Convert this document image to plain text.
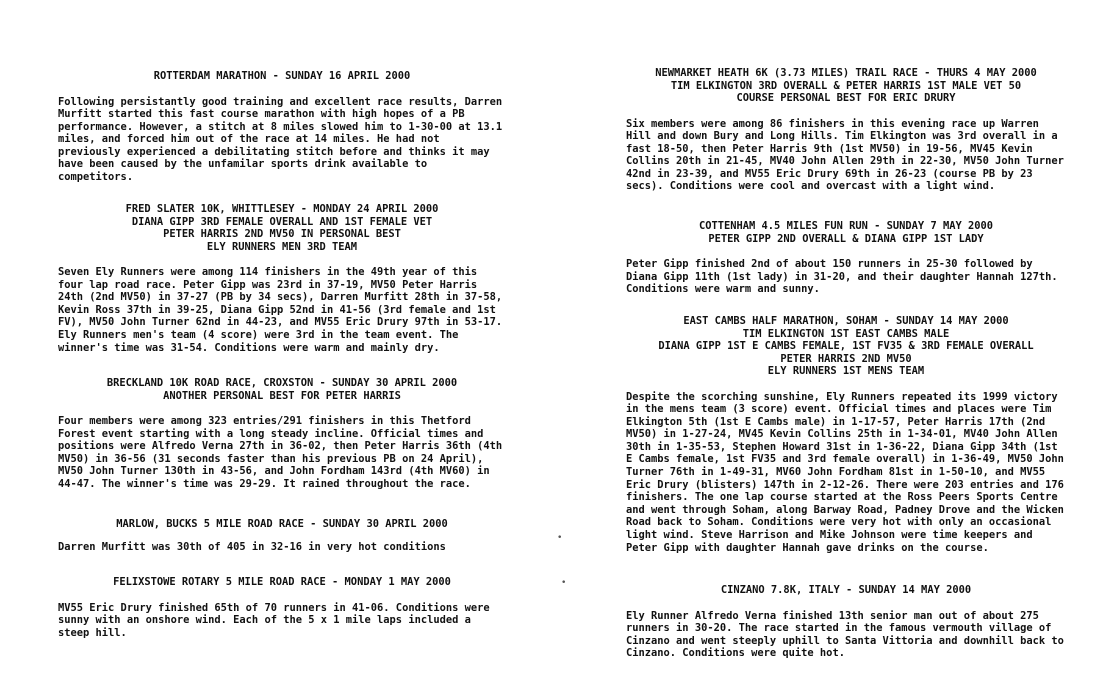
ROTTERDAM MARATHON - SUNDAY 16 APRIL 2000
Following persistantly good training and excellent race results, Darren Murfitt started this fast course marathon with high hopes of a PB performance. However, a stitch at 8 miles slowed him to 1-30-00 at 13.1 miles, and forced him out of the race at 14 miles. He had not previously experienced a debilitating stitch before and thinks it may have been caused by the unfamilar sports drink available to competitors.
FRED SLATER 10K, WHITTLESEY - MONDAY 24 APRIL 2000
DIANA GIPP 3RD FEMALE OVERALL AND 1ST FEMALE VET
PETER HARRIS 2ND MV50 IN PERSONAL BEST
ELY RUNNERS MEN 3RD TEAM
Seven Ely Runners were among 114 finishers in the 49th year of this four lap road race. Peter Gipp was 23rd in 37-19, MV50 Peter Harris 24th (2nd MV50) in 37-27 (PB by 34 secs), Darren Murfitt 28th in 37-58, Kevin Ross 37th in 39-25, Diana Gipp 52nd in 41-56 (3rd female and 1st FV), MV50 John Turner 62nd in 44-23, and MV55 Eric Drury 97th in 53-17. Ely Runners men's team (4 score) were 3rd in the team event. The winner's time was 31-54. Conditions were warm and mainly dry.
BRECKLAND 10K ROAD RACE, CROXSTON - SUNDAY 30 APRIL 2000
ANOTHER PERSONAL BEST FOR PETER HARRIS
Four members were among 323 entries/291 finishers in this Thetford Forest event starting with a long steady incline. Official times and positions were Alfredo Verna 27th in 36-02, then Peter Harris 36th (4th MV50) in 36-56 (31 seconds faster than his previous PB on 24 April), MV50 John Turner 130th in 43-56, and John Fordham 143rd (4th MV60) in 44-47. The winner's time was 29-29. It rained throughout the race.
MARLOW, BUCKS 5 MILE ROAD RACE - SUNDAY 30 APRIL 2000
Darren Murfitt was 30th of 405 in 32-16 in very hot conditions
FELIXSTOWE ROTARY 5 MILE ROAD RACE - MONDAY 1 MAY 2000
MV55 Eric Drury finished 65th of 70 runners in 41-06. Conditions were sunny with an onshore wind. Each of the 5 x 1 mile laps included a steep hill.
•
•
NEWMARKET HEATH 6K (3.73 MILES) TRAIL RACE - THURS 4 MAY 2000
TIM ELKINGTON 3RD OVERALL & PETER HARRIS 1ST MALE VET 50
COURSE PERSONAL BEST FOR ERIC DRURY
Six members were among 86 finishers in this evening race up Warren Hill and down Bury and Long Hills. Tim Elkington was 3rd overall in a fast 18-50, then Peter Harris 9th (1st MV50) in 19-56, MV45 Kevin Collins 20th in 21-45, MV40 John Allen 29th in 22-30, MV50 John Turner 42nd in 23-39, and MV55 Eric Drury 69th in 26-23 (course PB by 23 secs). Conditions were cool and overcast with a light wind.
COTTENHAM 4.5 MILES FUN RUN - SUNDAY 7 MAY 2000
PETER GIPP 2ND OVERALL & DIANA GIPP 1ST LADY
Peter Gipp finished 2nd of about 150 runners in 25-30 followed by Diana Gipp 11th (1st lady) in 31-20, and their daughter Hannah 127th. Conditions were warm and sunny.
EAST CAMBS HALF MARATHON, SOHAM - SUNDAY 14 MAY 2000
TIM ELKINGTON 1ST EAST CAMBS MALE
DIANA GIPP 1ST E CAMBS FEMALE, 1ST FV35 & 3RD FEMALE OVERALL
PETER HARRIS 2ND MV50
ELY RUNNERS 1ST MENS TEAM
Despite the scorching sunshine, Ely Runners repeated its 1999 victory in the mens team (3 score) event. Official times and places were Tim Elkington 5th (1st E Cambs male) in 1-17-57, Peter Harris 17th (2nd MV50) in 1-27-24, MV45 Kevin Collins 25th in 1-34-01, MV40 John Allen 30th in 1-35-53, Stephen Howard 31st in 1-36-22, Diana Gipp 34th (1st E Cambs female, 1st FV35 and 3rd female overall) in 1-36-49, MV50 John Turner 76th in 1-49-31, MV60 John Fordham 81st in 1-50-10, and MV55 Eric Drury (blisters) 147th in 2-12-26. There were 203 entries and 176 finishers. The one lap course started at the Ross Peers Sports Centre and went through Soham, along Barway Road, Padney Drove and the Wicken Road back to Soham. Conditions were very hot with only an occasional light wind. Steve Harrison and Mike Johnson were time keepers and Peter Gipp with daughter Hannah gave drinks on the course.
CINZANO 7.8K, ITALY - SUNDAY 14 MAY 2000
Ely Runner Alfredo Verna finished 13th senior man out of about 275 runners in 30-20. The race started in the famous vermouth village of Cinzano and went steeply uphill to Santa Vittoria and downhill back to Cinzano. Conditions were quite hot.
